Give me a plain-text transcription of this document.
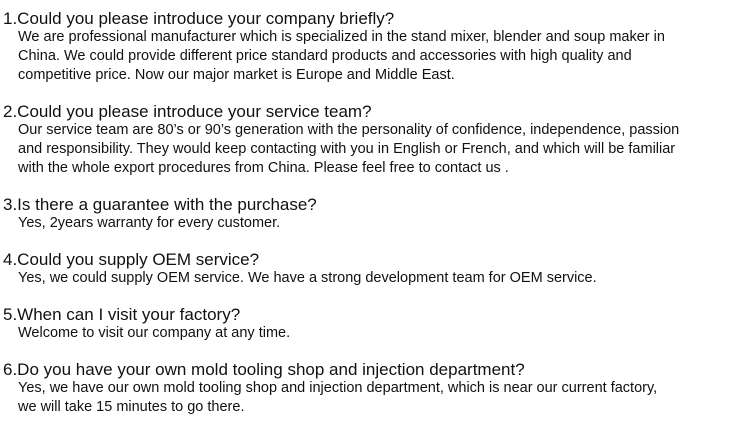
1.Could you please introduce your company briefly?

We are professional manufacturer which is specialized in the stand mixer, blender and soup maker in
China. We could provide different price standard products and accessories with high quality and
competitive price. Now our major market is Europe and Middle East.

2.Could you please introduce your service team?

Our service team are 80’s or 90’s generation with the personality of confidence, independence, passion
and responsibility. They would keep contacting with you in English or French, and which will be familiar
with the whole export procedures from China. Please feel free to contact us .

3.Is there a guarantee with the purchase?

Yes, 2years warranty for every customer.

4.Could you supply OEM service?

Yes, we could supply OEM service. We have a strong development team for OEM service.

5.When can I visit your factory?

Welcome to visit our company at any time.

6.Do you have your own mold tooling shop and injection department?

Yes, we have our own mold tooling shop and injection department, which is near our current factory,
we will take 15 minutes to go there.
